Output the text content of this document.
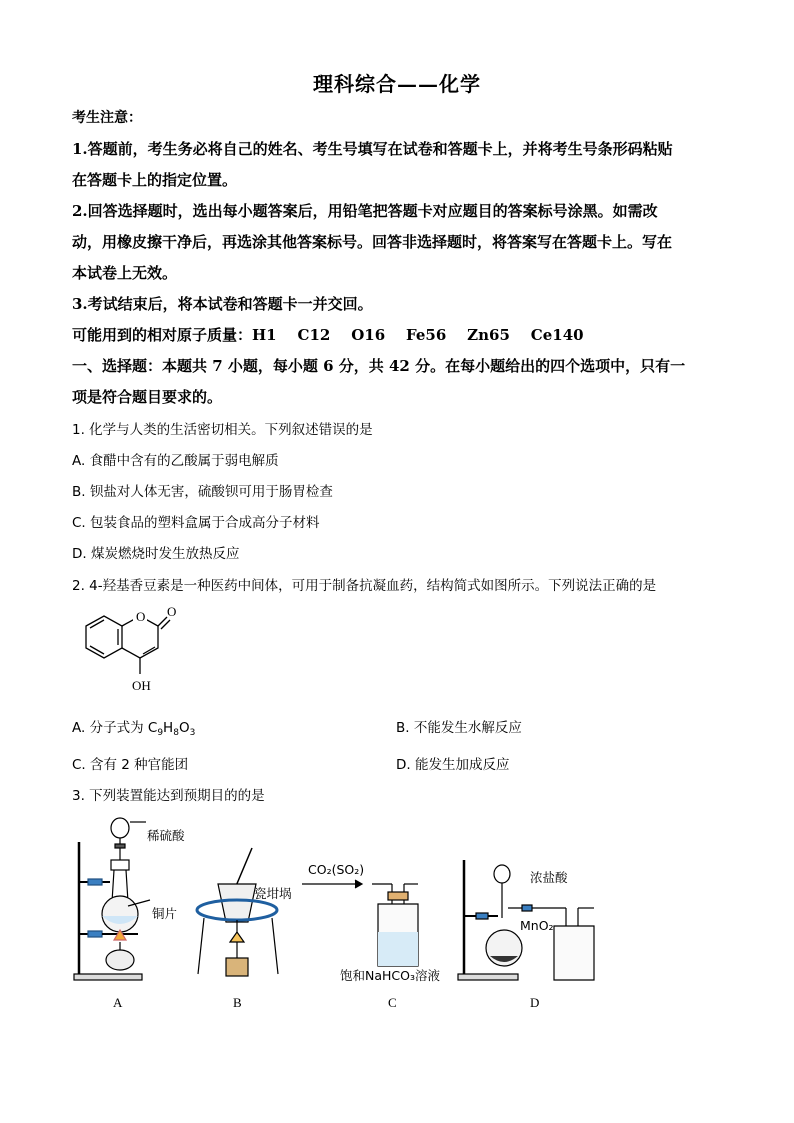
理科综合——化学
考生注意：
1.答题前，考生务必将自己的姓名、考生号填写在试卷和答题卡上，并将考生号条形码粘贴
在答题卡上的指定位置。
2.回答选择题时，选出每小题答案后，用铅笔把答题卡对应题目的答案标号涂黑。如需改
动，用橡皮擦干净后，再选涂其他答案标号。回答非选择题时，将答案写在答题卡上。写在
本试卷上无效。
3.考试结束后，将本试卷和答题卡一并交回。
可能用到的相对原子质量：H1    C12    O16    Fe56    Zn65    Ce140
一、选择题：本题共 7 小题，每小题 6 分，共 42 分。在每小题给出的四个选项中，只有一
项是符合题目要求的。
1. 化学与人类的生活密切相关。下列叙述错误的是
A. 食醋中含有的乙酸属于弱电解质
B. 钡盐对人体无害，硫酸钡可用于肠胃检查
C. 包装食品的塑料盒属于合成高分子材料
D. 煤炭燃烧时发生放热反应
2. 4-羟基香豆素是一种医药中间体，可用于制备抗凝血药，结构简式如图所示。下列说法正确的是
O O
OH
A. 分子式为 $C_9H_8O_3$	B. 不能发生水解反应
C. 含有 2 种官能团	D. 能发生加成反应
3. 下列装置能达到预期目的的是
稀硫酸
铜片
瓷坩埚
CO₂(SO₂)
饱和NaHCO₃溶液
浓盐酸
MnO₂
A	B	C	D
